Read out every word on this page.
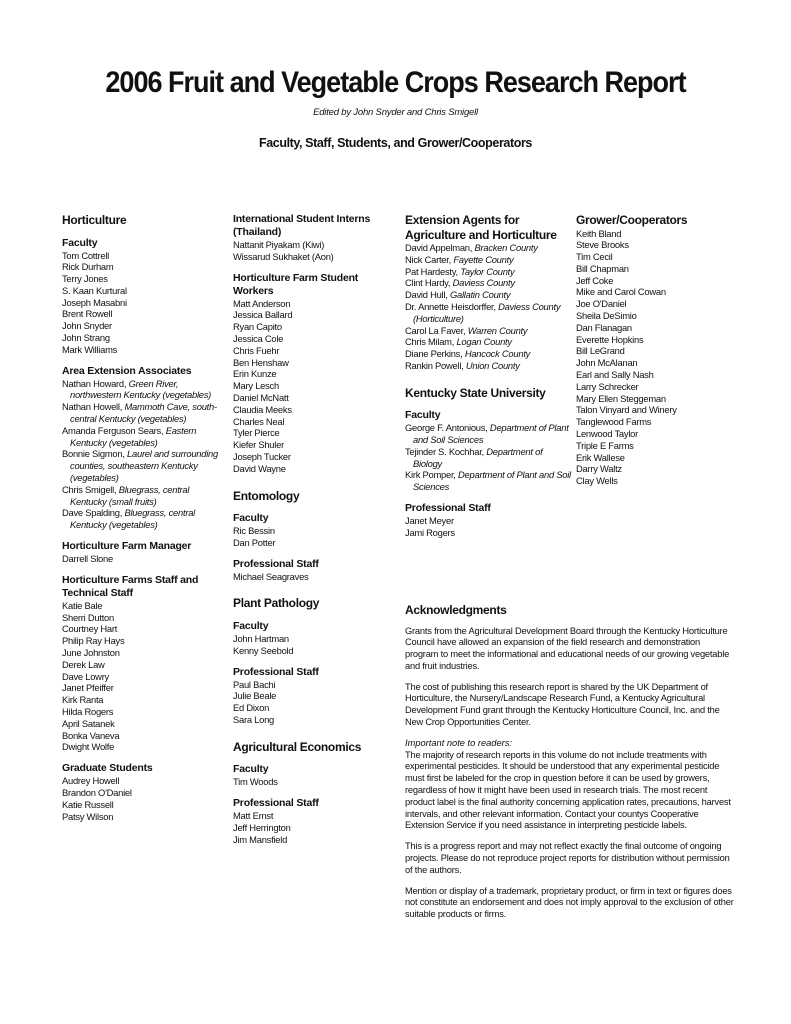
2006 Fruit and Vegetable Crops Research Report
Edited by John Snyder and Chris Smigell
Faculty, Staff, Students, and Grower/Cooperators
Horticulture
Faculty
Tom Cottrell
Rick Durham
Terry Jones
S. Kaan Kurtural
Joseph Masabni
Brent Rowell
John Snyder
John Strang
Mark Williams
Area Extension Associates
Nathan Howard, Green River, northwestern Kentucky (vegetables)
Nathan Howell, Mammoth Cave, south-central Kentucky (vegetables)
Amanda Ferguson Sears, Eastern Kentucky (vegetables)
Bonnie Sigmon, Laurel and surrounding counties, southeastern Kentucky (vegetables)
Chris Smigell, Bluegrass, central Kentucky (small fruits)
Dave Spalding, Bluegrass, central Kentucky (vegetables)
Horticulture Farm Manager
Darrell Slone
Horticulture Farms Staff and Technical Staff
Katie Bale
Sherri Dutton
Courtney Hart
Philip Ray Hays
June Johnston
Derek Law
Dave Lowry
Janet Pfeiffer
Kirk Ranta
Hilda Rogers
April Satanek
Bonka Vaneva
Dwight Wolfe
Graduate Students
Audrey Howell
Brandon O'Daniel
Katie Russell
Patsy Wilson
International Student Interns (Thailand)
Nattanit Piyakam (Kiwi)
Wissarud Sukhaket (Aon)
Horticulture Farm Student Workers
Matt Anderson
Jessica Ballard
Ryan Capito
Jessica Cole
Chris Fuehr
Ben Henshaw
Erin Kunze
Mary Lesch
Daniel McNatt
Claudia Meeks
Charles Neal
Tyler Pierce
Kiefer Shuler
Joseph Tucker
David Wayne
Entomology
Faculty
Ric Bessin
Dan Potter
Professional Staff
Michael Seagraves
Plant Pathology
Faculty
John Hartman
Kenny Seebold
Professional Staff
Paul Bachi
Julie Beale
Ed Dixon
Sara Long
Agricultural Economics
Faculty
Tim Woods
Professional Staff
Matt Ernst
Jeff Herrington
Jim Mansfield
Extension Agents for Agriculture and Horticulture
David Appelman, Bracken County
Nick Carter, Fayette County
Pat Hardesty, Taylor County
Clint Hardy, Daviess County
David Hull, Gallatin County
Dr. Annette Heisdorffer, Daviess County (Horticulture)
Carol La Faver, Warren County
Chris Milam, Logan County
Diane Perkins, Hancock County
Rankin Powell, Union County
Kentucky State University
Faculty
George F. Antonious, Department of Plant and Soil Sciences
Tejinder S. Kochhar, Department of Biology
Kirk Pomper, Department of Plant and Soil Sciences
Professional Staff
Janet Meyer
Jami Rogers
Grower/Cooperators
Keith Bland
Steve Brooks
Tim Cecil
Bill Chapman
Jeff Coke
Mike and Carol Cowan
Joe O'Daniel
Sheila DeSimio
Dan Flanagan
Everette Hopkins
Bill LeGrand
John McAlanan
Earl and Sally Nash
Larry Schrecker
Mary Ellen Steggeman
Talon Vinyard and Winery
Tanglewood Farms
Lenwood Taylor
Triple E Farms
Erik Wallese
Darry Waltz
Clay Wells
Acknowledgments

Grants from the Agricultural Development Board through the Kentucky Horticulture Council have allowed an expansion of the field research and demonstration program to meet the informational and educational needs of our growing vegetable and fruit industries.

The cost of publishing this research report is shared by the UK Department of Horticulture, the Nursery/Landscape Research Fund, a Kentucky Agricultural Development Fund grant through the Kentucky Horticulture Council, Inc. and the New Crop Opportunities Center.

Important note to readers:

The majority of research reports in this volume do not include treatments with experimental pesticides. It should be understood that any experimental pesticide must first be labeled for the crop in question before it can be used by growers, regardless of how it might have been used in research trials. The most recent product label is the final authority concerning application rates, precautions, harvest intervals, and other relevant information. Contact your countys Cooperative Extension Service if you need assistance in interpreting pesticide labels.

This is a progress report and may not reflect exactly the final outcome of ongoing projects. Please do not reproduce project reports for distribution without permission of the authors.

Mention or display of a trademark, proprietary product, or firm in text or figures does not constitute an endorsement and does not imply approval to the exclusion of other suitable products or firms.
